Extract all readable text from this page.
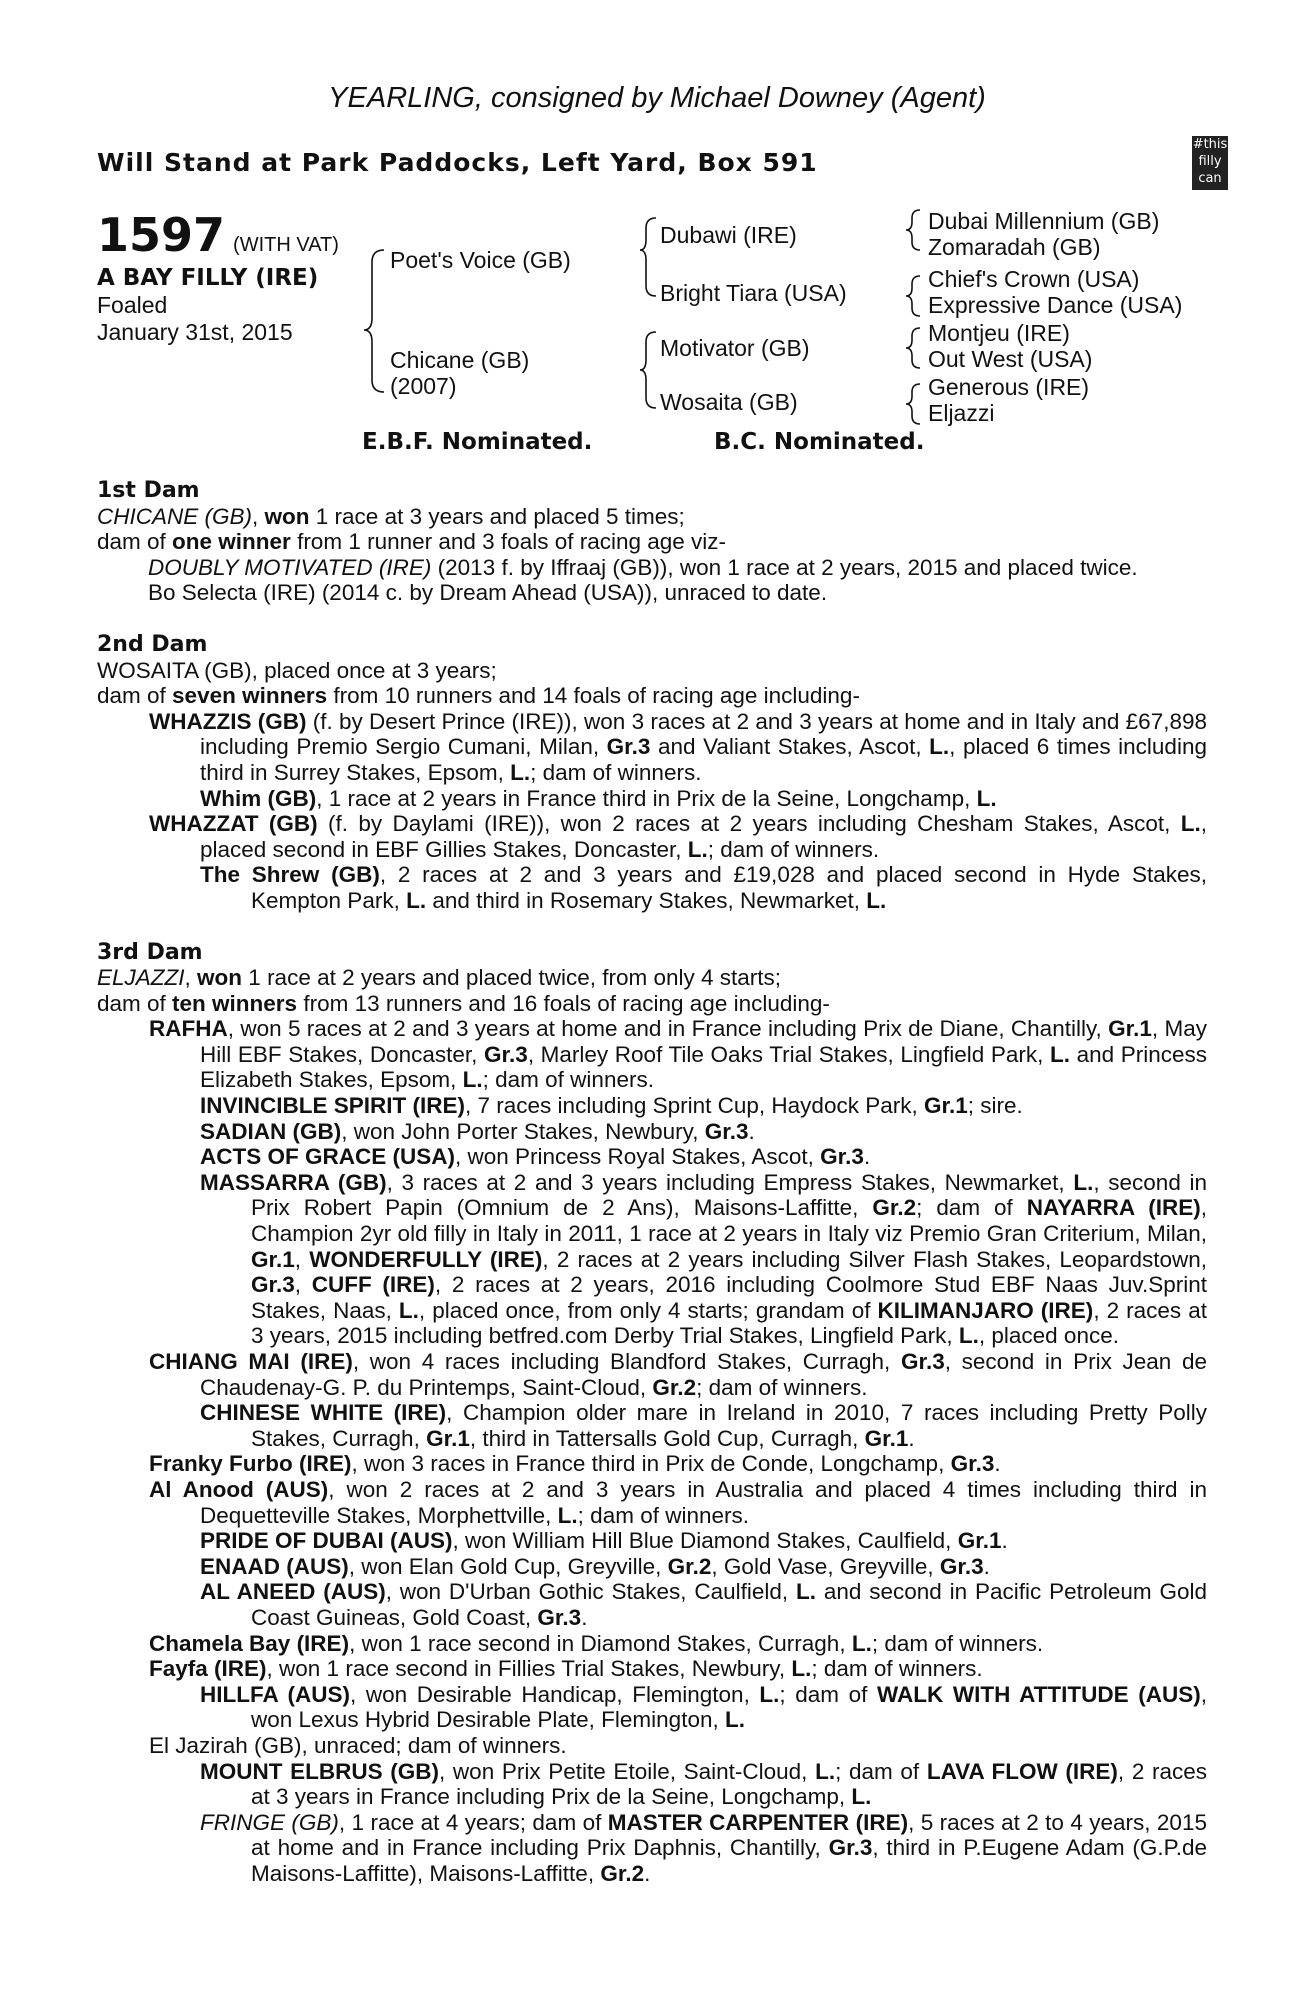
YEARLING, consigned by Michael Downey (Agent)
Will Stand at Park Paddocks, Left Yard, Box 591
#this
filly
can
1597 (WITH VAT)
A BAY FILLY (IRE)
Foaled
January 31st, 2015
Poet's Voice (GB)
Chicane (GB)
(2007)
Dubawi (IRE)
Bright Tiara (USA)
Motivator (GB)
Wosaita (GB)
Dubai Millennium (GB)
Zomaradah (GB)
Chief's Crown (USA)
Expressive Dance (USA)
Montjeu (IRE)
Out West (USA)
Generous (IRE)
Eljazzi
E.B.F. Nominated.	B.C. Nominated.
1st Dam
CHICANE (GB), won 1 race at 3 years and placed 5 times;
dam of one winner from 1 runner and 3 foals of racing age viz-
DOUBLY MOTIVATED (IRE) (2013 f. by Iffraaj (GB)), won 1 race at 2 years, 2015 and placed twice.
Bo Selecta (IRE) (2014 c. by Dream Ahead (USA)), unraced to date.
2nd Dam
WOSAITA (GB), placed once at 3 years;
dam of seven winners from 10 runners and 14 foals of racing age including-
WHAZZIS (GB) (f. by Desert Prince (IRE)), won 3 races at 2 and 3 years at home and in Italy and £67,898 including Premio Sergio Cumani, Milan, Gr.3 and Valiant Stakes, Ascot, L., placed 6 times including third in Surrey Stakes, Epsom, L.; dam of winners.
Whim (GB), 1 race at 2 years in France third in Prix de la Seine, Longchamp, L.
WHAZZAT (GB) (f. by Daylami (IRE)), won 2 races at 2 years including Chesham Stakes, Ascot, L., placed second in EBF Gillies Stakes, Doncaster, L.; dam of winners.
The Shrew (GB), 2 races at 2 and 3 years and £19,028 and placed second in Hyde Stakes, Kempton Park, L. and third in Rosemary Stakes, Newmarket, L.
3rd Dam
ELJAZZI, won 1 race at 2 years and placed twice, from only 4 starts;
dam of ten winners from 13 runners and 16 foals of racing age including-
RAFHA, won 5 races at 2 and 3 years at home and in France including Prix de Diane, Chantilly, Gr.1, May Hill EBF Stakes, Doncaster, Gr.3, Marley Roof Tile Oaks Trial Stakes, Lingfield Park, L. and Princess Elizabeth Stakes, Epsom, L.; dam of winners.
INVINCIBLE SPIRIT (IRE), 7 races including Sprint Cup, Haydock Park, Gr.1; sire.
SADIAN (GB), won John Porter Stakes, Newbury, Gr.3.
ACTS OF GRACE (USA), won Princess Royal Stakes, Ascot, Gr.3.
MASSARRA (GB), 3 races at 2 and 3 years including Empress Stakes, Newmarket, L., second in Prix Robert Papin (Omnium de 2 Ans), Maisons-Laffitte, Gr.2; dam of NAYARRA (IRE), Champion 2yr old filly in Italy in 2011, 1 race at 2 years in Italy viz Premio Gran Criterium, Milan, Gr.1, WONDERFULLY (IRE), 2 races at 2 years including Silver Flash Stakes, Leopardstown, Gr.3, CUFF (IRE), 2 races at 2 years, 2016 including Coolmore Stud EBF Naas Juv.Sprint Stakes, Naas, L., placed once, from only 4 starts; grandam of KILIMANJARO (IRE), 2 races at 3 years, 2015 including betfred.com Derby Trial Stakes, Lingfield Park, L., placed once.
CHIANG MAI (IRE), won 4 races including Blandford Stakes, Curragh, Gr.3, second in Prix Jean de Chaudenay-G. P. du Printemps, Saint-Cloud, Gr.2; dam of winners.
CHINESE WHITE (IRE), Champion older mare in Ireland in 2010, 7 races including Pretty Polly Stakes, Curragh, Gr.1, third in Tattersalls Gold Cup, Curragh, Gr.1.
Franky Furbo (IRE), won 3 races in France third in Prix de Conde, Longchamp, Gr.3.
Al Anood (AUS), won 2 races at 2 and 3 years in Australia and placed 4 times including third in Dequetteville Stakes, Morphettville, L.; dam of winners.
PRIDE OF DUBAI (AUS), won William Hill Blue Diamond Stakes, Caulfield, Gr.1.
ENAAD (AUS), won Elan Gold Cup, Greyville, Gr.2, Gold Vase, Greyville, Gr.3.
AL ANEED (AUS), won D'Urban Gothic Stakes, Caulfield, L. and second in Pacific Petroleum Gold Coast Guineas, Gold Coast, Gr.3.
Chamela Bay (IRE), won 1 race second in Diamond Stakes, Curragh, L.; dam of winners.
Fayfa (IRE), won 1 race second in Fillies Trial Stakes, Newbury, L.; dam of winners.
HILLFA (AUS), won Desirable Handicap, Flemington, L.; dam of WALK WITH ATTITUDE (AUS), won Lexus Hybrid Desirable Plate, Flemington, L.
El Jazirah (GB), unraced; dam of winners.
MOUNT ELBRUS (GB), won Prix Petite Etoile, Saint-Cloud, L.; dam of LAVA FLOW (IRE), 2 races at 3 years in France including Prix de la Seine, Longchamp, L.
FRINGE (GB), 1 race at 4 years; dam of MASTER CARPENTER (IRE), 5 races at 2 to 4 years, 2015 at home and in France including Prix Daphnis, Chantilly, Gr.3, third in P.Eugene Adam (G.P.de Maisons-Laffitte), Maisons-Laffitte, Gr.2.
